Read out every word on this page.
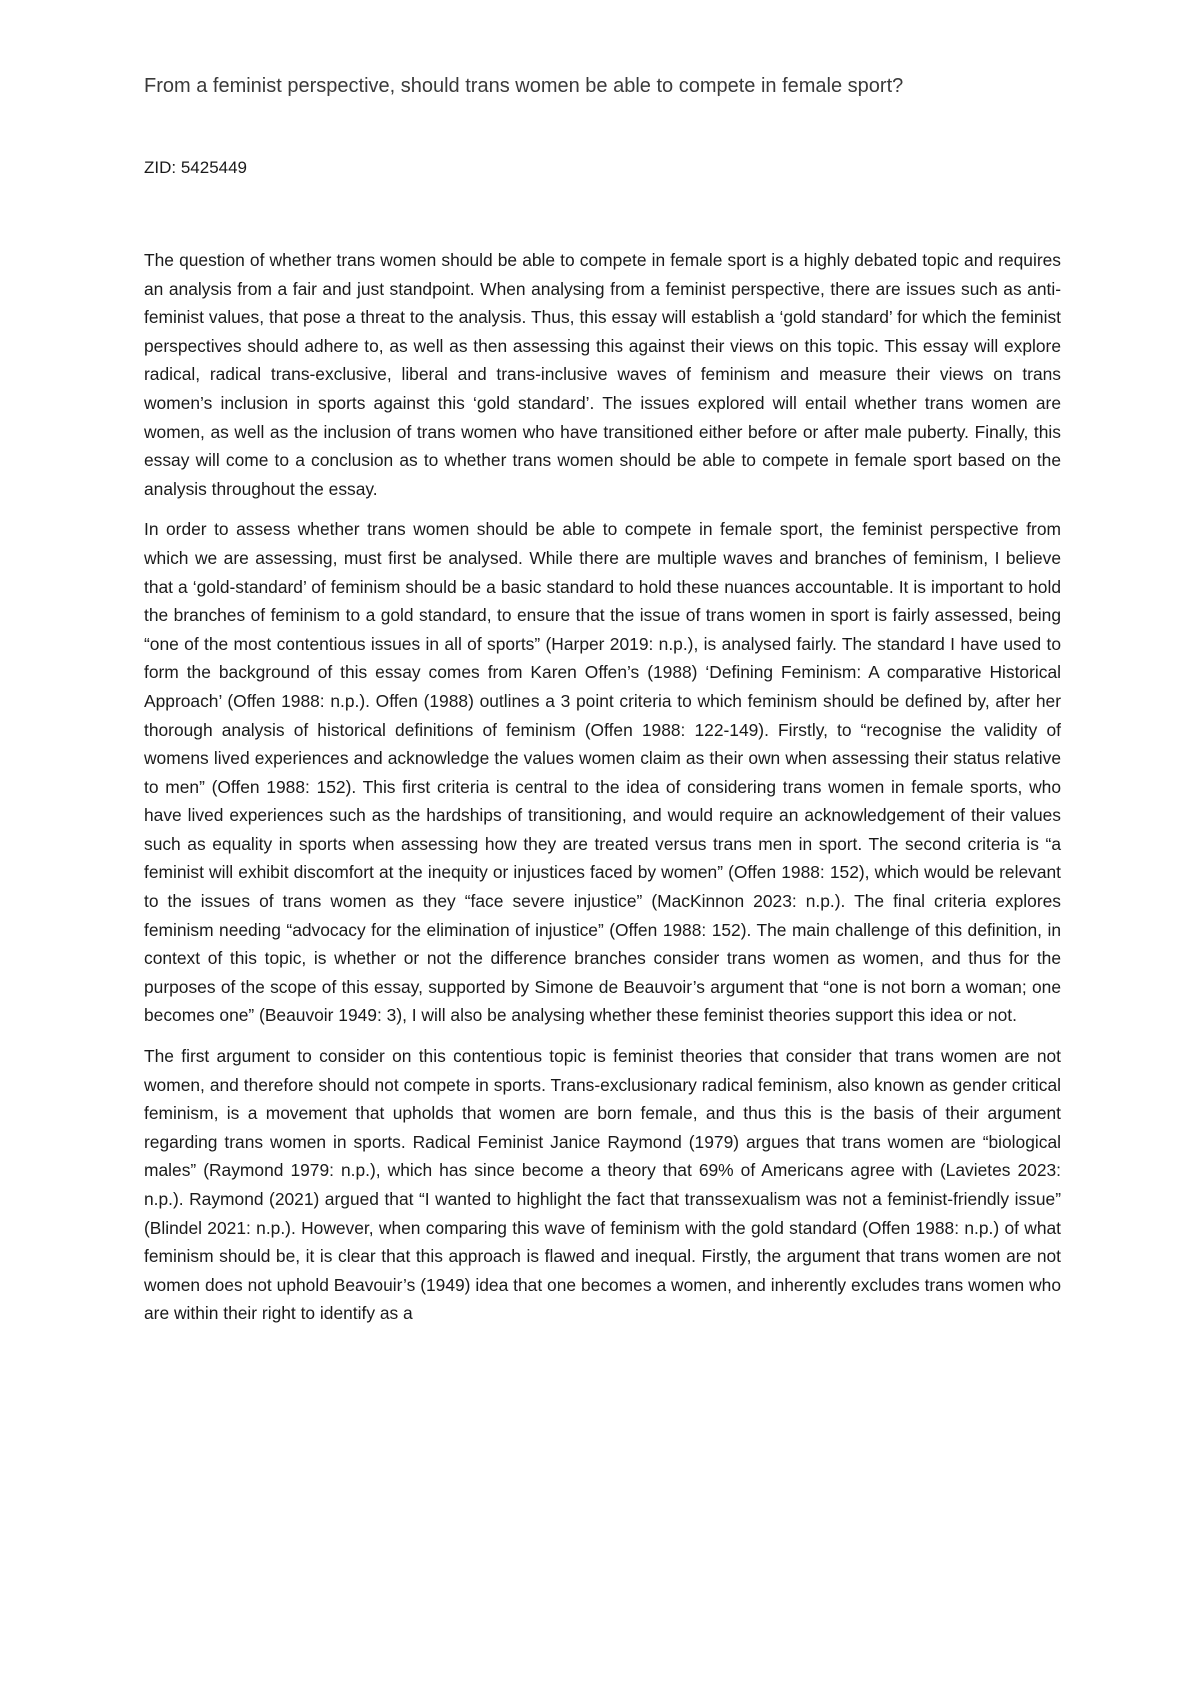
From a feminist perspective, should trans women be able to compete in female sport?

ZID: 5425449

The question of whether trans women should be able to compete in female sport is a highly debated topic and requires an analysis from a fair and just standpoint. When analysing from a feminist perspective, there are issues such as anti-feminist values, that pose a threat to the analysis. Thus, this essay will establish a ‘gold standard’ for which the feminist perspectives should adhere to, as well as then assessing this against their views on this topic. This essay will explore radical, radical trans-exclusive, liberal and trans-inclusive waves of feminism and measure their views on trans women’s inclusion in sports against this ‘gold standard’. The issues explored will entail whether trans women are women, as well as the inclusion of trans women who have transitioned either before or after male puberty. Finally, this essay will come to a conclusion as to whether trans women should be able to compete in female sport based on the analysis throughout the essay.

In order to assess whether trans women should be able to compete in female sport, the feminist perspective from which we are assessing, must first be analysed. While there are multiple waves and branches of feminism, I believe that a ‘gold-standard’ of feminism should be a basic standard to hold these nuances accountable. It is important to hold the branches of feminism to a gold standard, to ensure that the issue of trans women in sport is fairly assessed, being “one of the most contentious issues in all of sports” (Harper 2019: n.p.), is analysed fairly. The standard I have used to form the background of this essay comes from Karen Offen’s (1988) ‘Defining Feminism: A comparative Historical Approach’ (Offen 1988: n.p.). Offen (1988) outlines a 3 point criteria to which feminism should be defined by, after her thorough analysis of historical definitions of feminism (Offen 1988: 122-149). Firstly, to “recognise the validity of womens lived experiences and acknowledge the values women claim as their own when assessing their status relative to men” (Offen 1988: 152). This first criteria is central to the idea of considering trans women in female sports, who have lived experiences such as the hardships of transitioning, and would require an acknowledgement of their values such as equality in sports when assessing how they are treated versus trans men in sport. The second criteria is “a feminist will exhibit discomfort at the inequity or injustices faced by women” (Offen 1988: 152), which would be relevant to the issues of trans women as they “face severe injustice” (MacKinnon 2023: n.p.). The final criteria explores feminism needing “advocacy for the elimination of injustice” (Offen 1988: 152). The main challenge of this definition, in context of this topic, is whether or not the difference branches consider trans women as women, and thus for the purposes of the scope of this essay, supported by Simone de Beauvoir’s argument that “one is not born a woman; one becomes one” (Beauvoir 1949: 3), I will also be analysing whether these feminist theories support this idea or not.

The first argument to consider on this contentious topic is feminist theories that consider that trans women are not women, and therefore should not compete in sports. Trans-exclusionary radical feminism, also known as gender critical feminism, is a movement that upholds that women are born female, and thus this is the basis of their argument regarding trans women in sports. Radical Feminist Janice Raymond (1979) argues that trans women are “biological males” (Raymond 1979: n.p.), which has since become a theory that 69% of Americans agree with (Lavietes 2023: n.p.). Raymond (2021) argued that “I wanted to highlight the fact that transsexualism was not a feminist-friendly issue” (Blindel 2021: n.p.). However, when comparing this wave of feminism with the gold standard (Offen 1988: n.p.) of what feminism should be, it is clear that this approach is flawed and inequal. Firstly, the argument that trans women are not women does not uphold Beavouir’s (1949) idea that one becomes a women, and inherently excludes trans women who are within their right to identify as a
